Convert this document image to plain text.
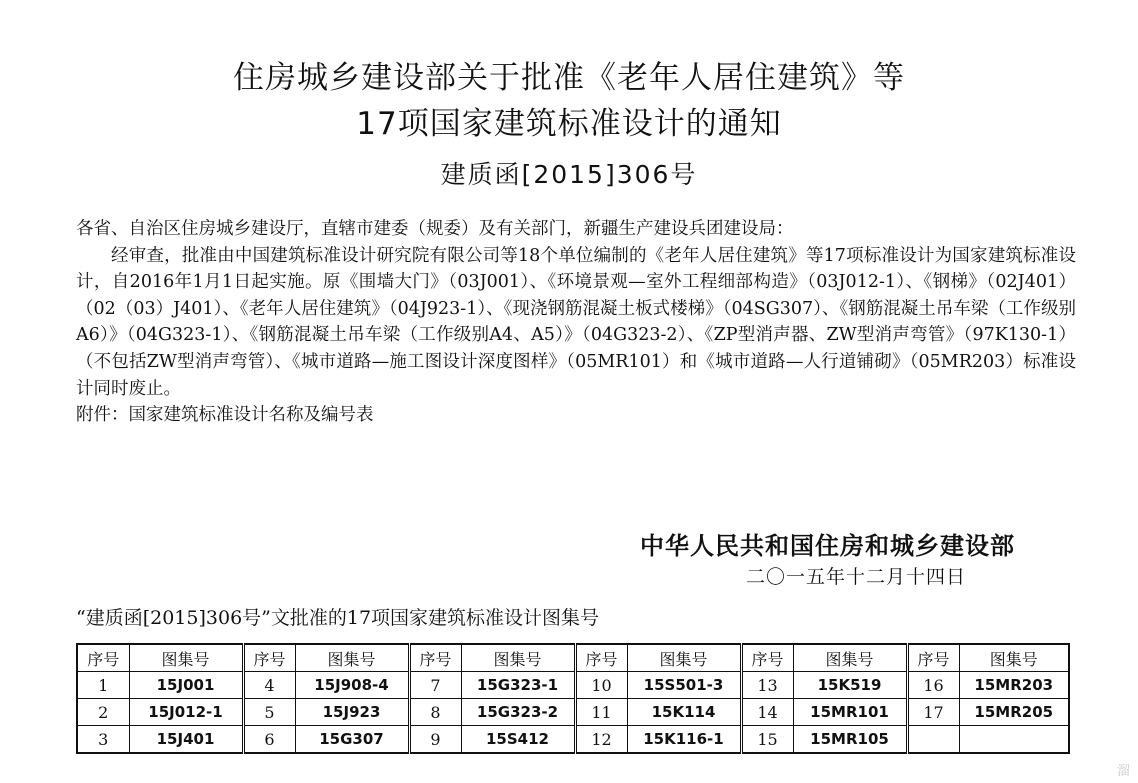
住房城乡建设部关于批准《老年人居住建筑》等
17项国家建筑标准设计的通知
建质函[2015]306号

各省、自治区住房城乡建设厅，直辖市建委（规委）及有关部门，新疆生产建设兵团建设局：

经审查，批准由中国建筑标准设计研究院有限公司等18个单位编制的《老年人居住建筑》等17项标准设计为国家建筑标准设计，自2016年1月1日起实施。原《围墙大门》（03J001）、《环境景观—室外工程细部构造》（03J012-1）、《钢梯》（02J401）（02（03）J401）、《老年人居住建筑》（04J923-1）、《现浇钢筋混凝土板式楼梯》（04SG307）、《钢筋混凝土吊车梁（工作级别A6）》（04G323-1）、《钢筋混凝土吊车梁（工作级别A4、A5）》（04G323-2）、《ZP型消声器、ZW型消声弯管》（97K130-1）（不包括ZW型消声弯管）、《城市道路—施工图设计深度图样》（05MR101）和《城市道路—人行道铺砌》（05MR203）标准设计同时废止。

附件：国家建筑标准设计名称及编号表

中华人民共和国住房和城乡建设部
二〇一五年十二月十四日
“建质函[2015]306号”文批准的17项国家建筑标准设计图集号
序号	图集号	序号	图集号	序号	图集号	序号	图集号	序号	图集号	序号	图集号
1	15J001	4	15J908-4	7	15G323-1	10	15S501-3	13	15K519	16	15MR203
2	15J012-1	5	15J923	8	15G323-2	11	15K114	14	15MR101	17	15MR205
3	15J401	6	15G307	9	15S412	12	15K116-1	15	15MR105		
溜
